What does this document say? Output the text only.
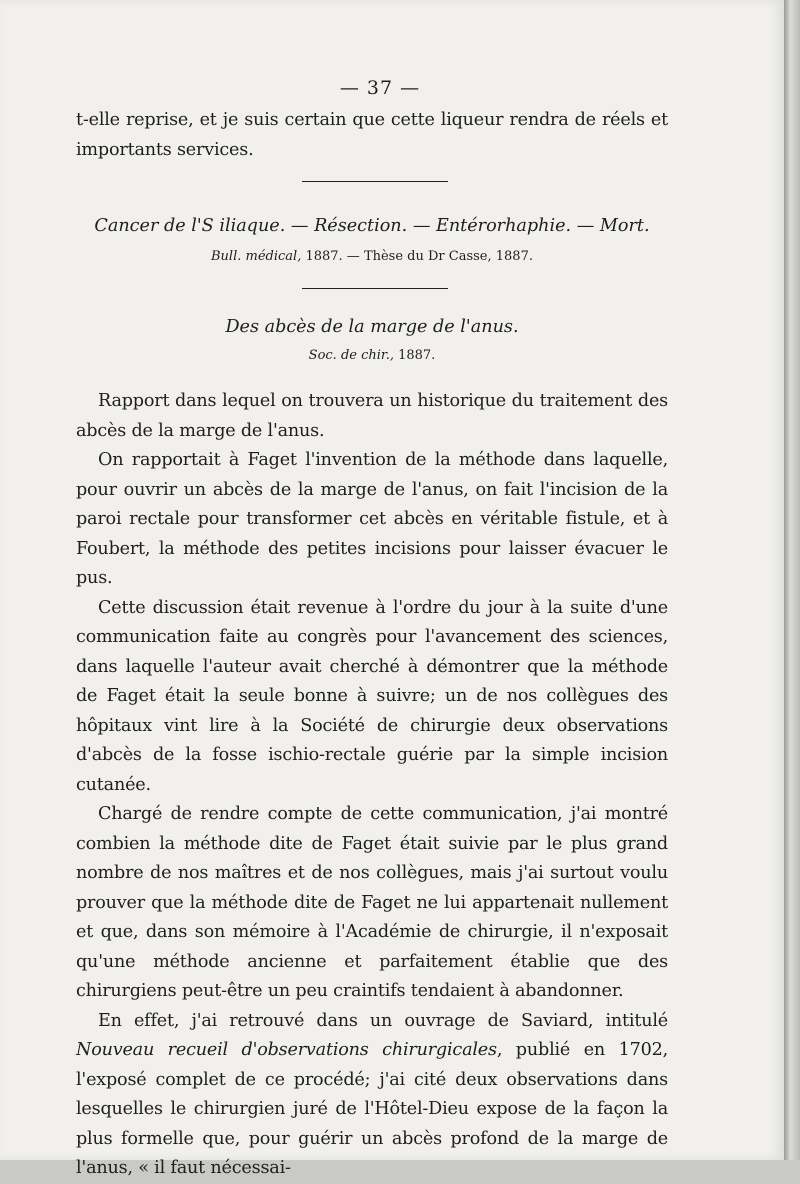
— 37 —

t-elle reprise, et je suis certain que cette liqueur rendra de réels et importants services.

Cancer de l'S iliaque. — Résection. — Entérorhaphie. — Mort.

Bull. médical, 1887. — Thèse du Dr Casse, 1887.

Des abcès de la marge de l'anus.

Soc. de chir., 1887.

Rapport dans lequel on trouvera un historique du traitement des abcès de la marge de l'anus.

On rapportait à Faget l'invention de la méthode dans laquelle, pour ouvrir un abcès de la marge de l'anus, on fait l'incision de la paroi rectale pour transformer cet abcès en véritable fistule, et à Foubert, la méthode des petites incisions pour laisser évacuer le pus.

Cette discussion était revenue à l'ordre du jour à la suite d'une communication faite au congrès pour l'avancement des sciences, dans laquelle l'auteur avait cherché à démontrer que la méthode de Faget était la seule bonne à suivre; un de nos collègues des hôpitaux vint lire à la Société de chirurgie deux observations d'abcès de la fosse ischio-rectale guérie par la simple incision cutanée.

Chargé de rendre compte de cette communication, j'ai montré combien la méthode dite de Faget était suivie par le plus grand nombre de nos maîtres et de nos collègues, mais j'ai surtout voulu prouver que la méthode dite de Faget ne lui appartenait nullement et que, dans son mémoire à l'Académie de chirurgie, il n'exposait qu'une méthode ancienne et parfaitement établie que des chirurgiens peut-être un peu craintifs tendaient à abandonner.

En effet, j'ai retrouvé dans un ouvrage de Saviard, intitulé Nouveau recueil d'observations chirurgicales, publié en 1702, l'exposé complet de ce procédé; j'ai cité deux observations dans lesquelles le chirurgien juré de l'Hôtel-Dieu expose de la façon la plus formelle que, pour guérir un abcès profond de la marge de l'anus, « il faut nécessai-
